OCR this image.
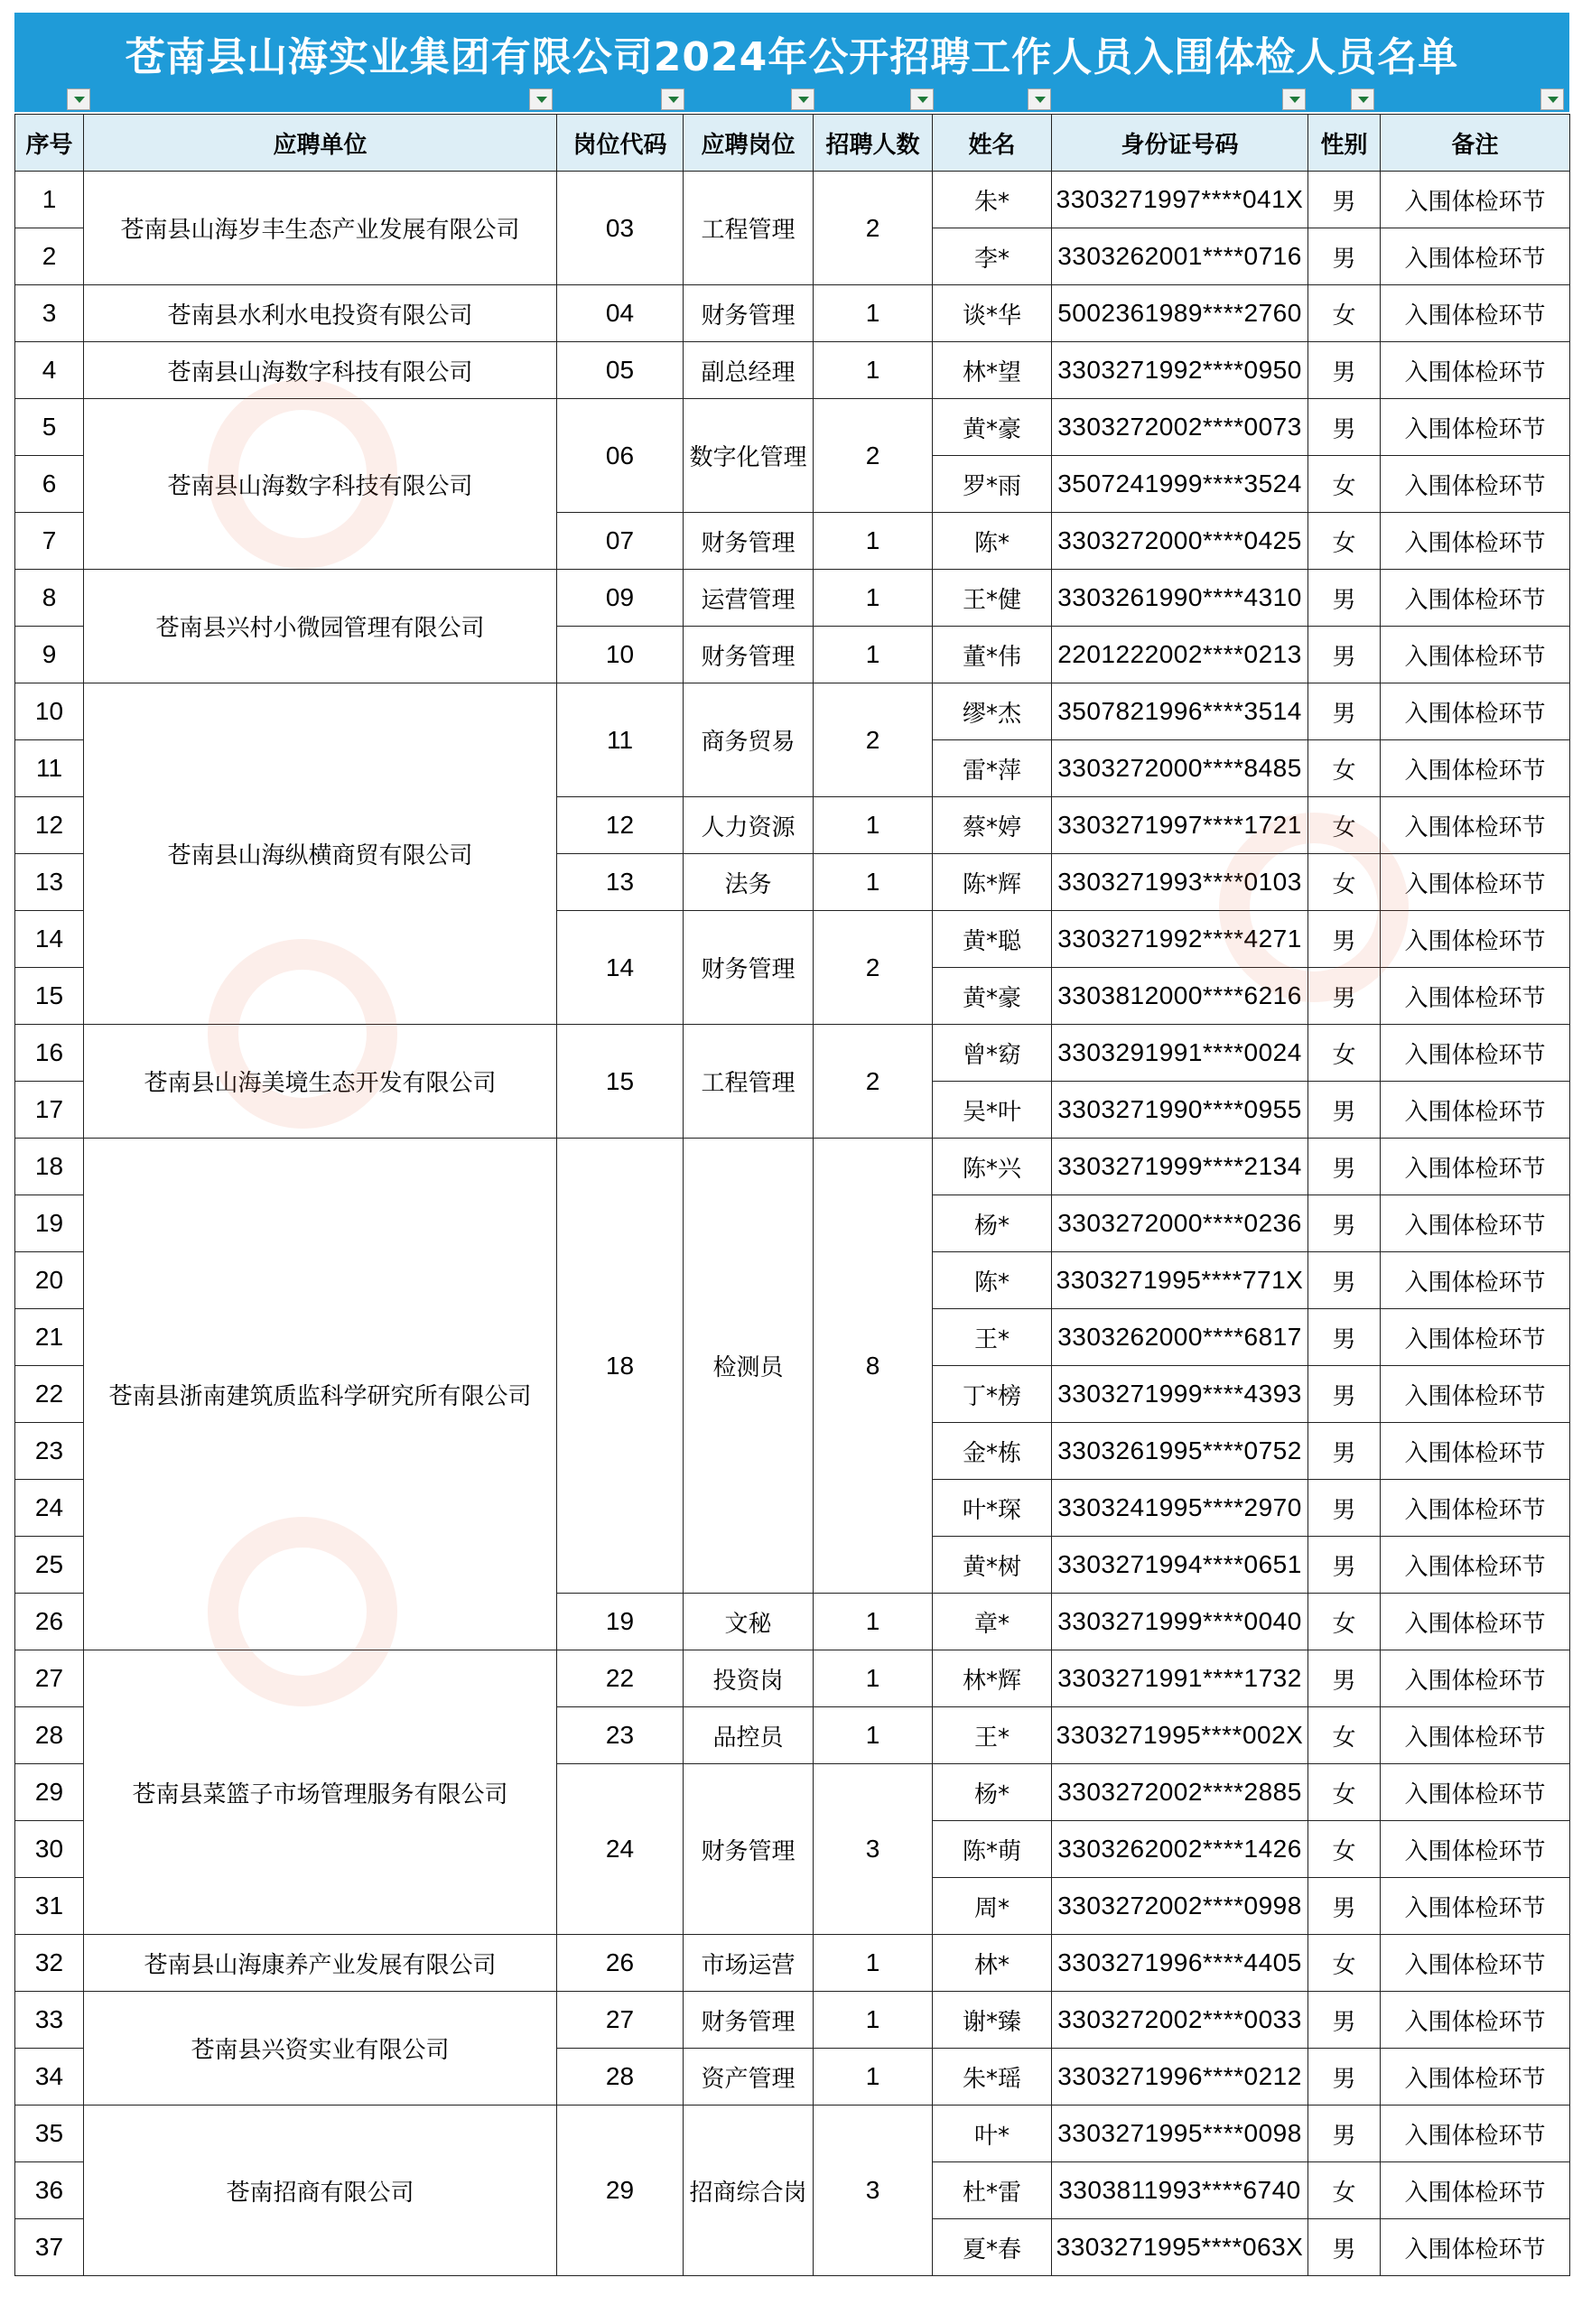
苍南县山海实业集团有限公司2024年公开招聘工作人员入围体检人员名单
序号	应聘单位	岗位代码	应聘岗位	招聘人数	姓名	身份证号码	性别	备注
1	苍南县山海岁丰生态产业发展有限公司	03	工程管理	2	朱*	3303271997****041X	男	入围体检环节
2					李*	3303262001****0716	男	入围体检环节
3	苍南县水利水电投资有限公司	04	财务管理	1	谈*华	5002361989****2760	女	入围体检环节
4	苍南县山海数字科技有限公司	05	副总经理	1	林*望	3303271992****0950	男	入围体检环节
5	苍南县山海数字科技有限公司	06	数字化管理	2	黄*豪	3303272002****0073	男	入围体检环节
6					罗*雨	3507241999****3524	女	入围体检环节
7		07	财务管理	1	陈*	3303272000****0425	女	入围体检环节
8	苍南县兴村小微园管理有限公司	09	运营管理	1	王*健	3303261990****4310	男	入围体检环节
9		10	财务管理	1	董*伟	2201222002****0213	男	入围体检环节
10	苍南县山海纵横商贸有限公司	11	商务贸易	2	缪*杰	3507821996****3514	男	入围体检环节
11					雷*萍	3303272000****8485	女	入围体检环节
12		12	人力资源	1	蔡*婷	3303271997****1721	女	入围体检环节
13		13	法务	1	陈*辉	3303271993****0103	女	入围体检环节
14		14	财务管理	2	黄*聪	3303271992****4271	男	入围体检环节
15					黄*豪	3303812000****6216	男	入围体检环节
16	苍南县山海美境生态开发有限公司	15	工程管理	2	曾*窈	3303291991****0024	女	入围体检环节
17					吴*叶	3303271990****0955	男	入围体检环节
18	苍南县浙南建筑质监科学研究所有限公司	18	检测员	8	陈*兴	3303271999****2134	男	入围体检环节
19					杨*	3303272000****0236	男	入围体检环节
20					陈*	3303271995****771X	男	入围体检环节
21					王*	3303262000****6817	男	入围体检环节
22					丁*榜	3303271999****4393	男	入围体检环节
23					金*栋	3303261995****0752	男	入围体检环节
24					叶*琛	3303241995****2970	男	入围体检环节
25					黄*树	3303271994****0651	男	入围体检环节
26		19	文秘	1	章*	3303271999****0040	女	入围体检环节
27	苍南县菜篮子市场管理服务有限公司	22	投资岗	1	林*辉	3303271991****1732	男	入围体检环节
28		23	品控员	1	王*	3303271995****002X	女	入围体检环节
29		24	财务管理	3	杨*	3303272002****2885	女	入围体检环节
30					陈*萌	3303262002****1426	女	入围体检环节
31					周*	3303272002****0998	男	入围体检环节
32	苍南县山海康养产业发展有限公司	26	市场运营	1	林*	3303271996****4405	女	入围体检环节
33	苍南县兴资实业有限公司	27	财务管理	1	谢*臻	3303272002****0033	男	入围体检环节
34		28	资产管理	1	朱*瑶	3303271996****0212	男	入围体检环节
35	苍南招商有限公司	29	招商综合岗	3	叶*	3303271995****0098	男	入围体检环节
36					杜*雷	3303811993****6740	女	入围体检环节
37					夏*春	3303271995****063X	男	入围体检环节
